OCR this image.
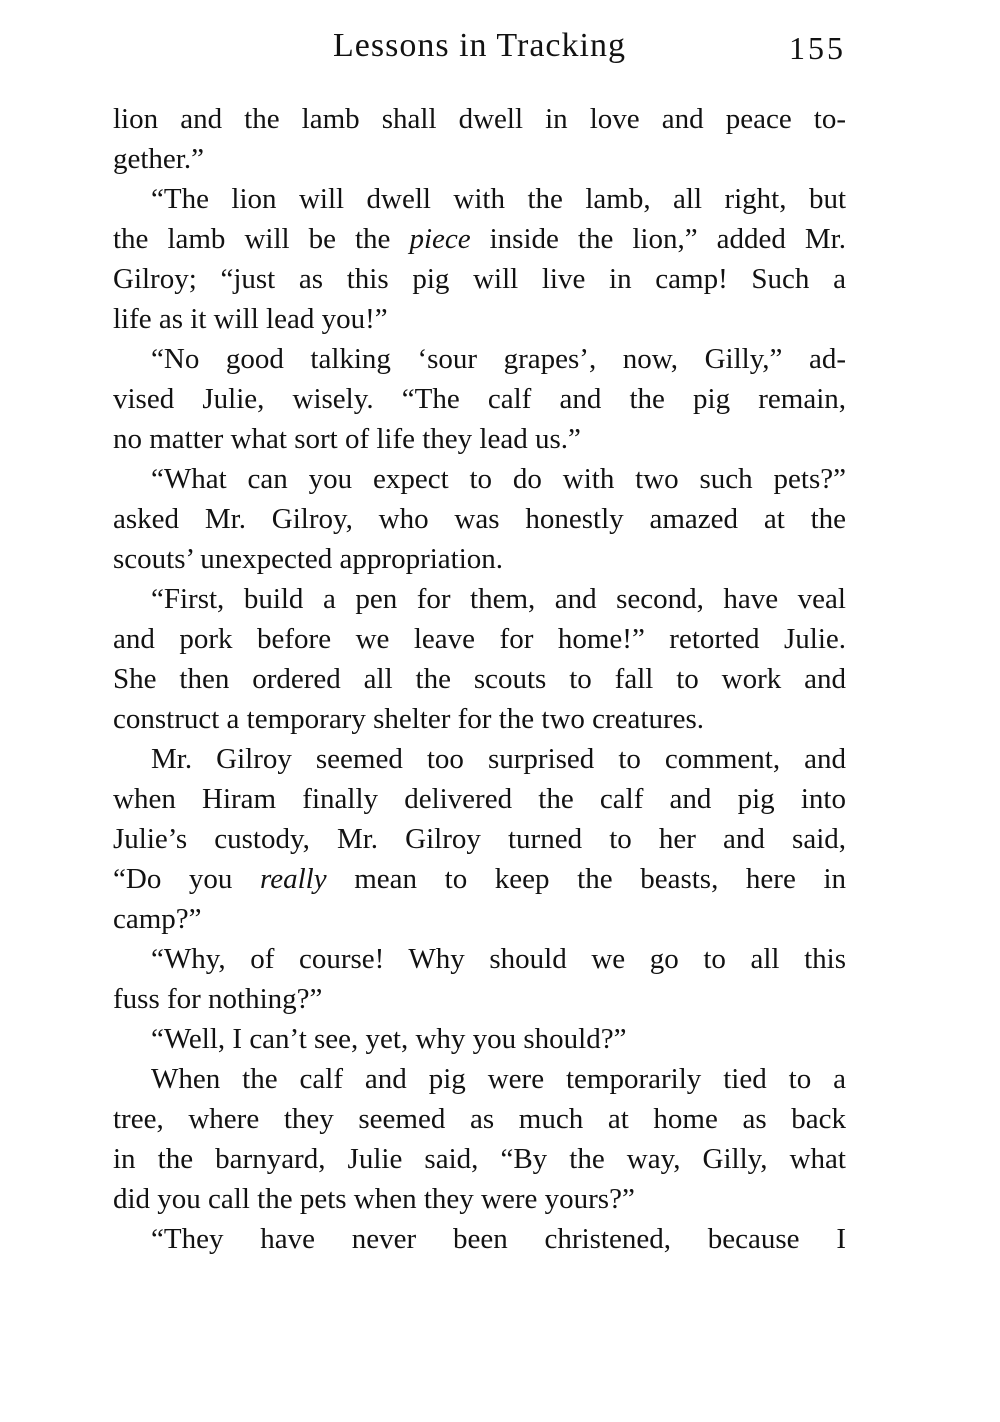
Lessons in Tracking	155
lion and the lamb shall dwell in love and peace to-
gether.”
“The lion will dwell with the lamb, all right, but
the lamb will be the piece inside the lion,” added Mr.
Gilroy; “just as this pig will live in camp! Such a
life as it will lead you!”
“No good talking ‘sour grapes’, now, Gilly,” ad-
vised Julie, wisely. “The calf and the pig remain,
no matter what sort of life they lead us.”
“What can you expect to do with two such pets?”
asked Mr. Gilroy, who was honestly amazed at the
scouts’ unexpected appropriation.
“First, build a pen for them, and second, have veal
and pork before we leave for home!” retorted Julie.
She then ordered all the scouts to fall to work and
construct a temporary shelter for the two creatures.
Mr. Gilroy seemed too surprised to comment, and
when Hiram finally delivered the calf and pig into
Julie’s custody, Mr. Gilroy turned to her and said,
“Do you really mean to keep the beasts, here in
camp?”
“Why, of course! Why should we go to all this
fuss for nothing?”
“Well, I can’t see, yet, why you should?”
When the calf and pig were temporarily tied to a
tree, where they seemed as much at home as back
in the barnyard, Julie said, “By the way, Gilly, what
did you call the pets when they were yours?”
“They have never been christened, because I
